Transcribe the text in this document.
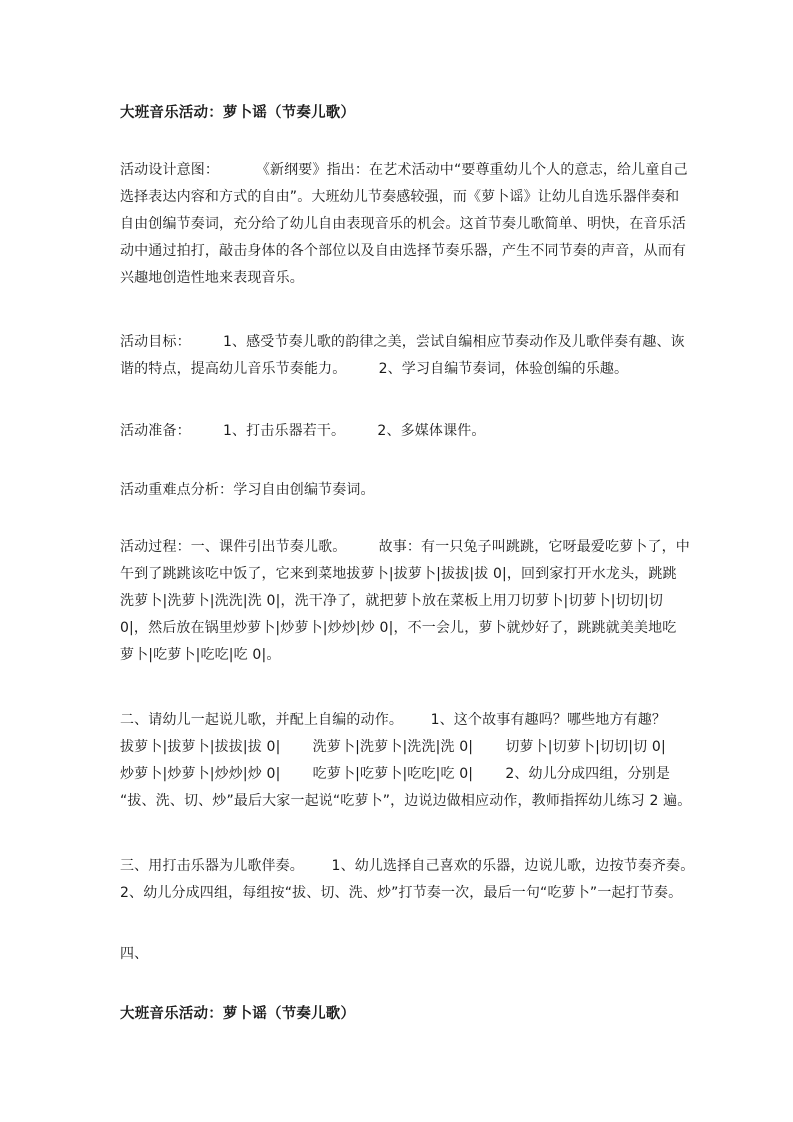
大班音乐活动：萝卜谣（节奏儿歌）
活动设计意图：        《新纲要》指出：在艺术活动中“要尊重幼儿个人的意志，给儿童自己
选择表达内容和方式的自由”。大班幼儿节奏感较强，而《萝卜谣》让幼儿自选乐器伴奏和
自由创编节奏词，充分给了幼儿自由表现音乐的机会。这首节奏儿歌简单、明快，在音乐活
动中通过拍打，敲击身体的各个部位以及自由选择节奏乐器，产生不同节奏的声音，从而有
兴趣地创造性地来表现音乐。
活动目标：       1、感受节奏儿歌的韵律之美，尝试自编相应节奏动作及儿歌伴奏有趣、诙
谐的特点，提高幼儿音乐节奏能力。       2、学习自编节奏词，体验创编的乐趣。
活动准备：       1、打击乐器若干。       2、多媒体课件。
活动重难点分析：学习自由创编节奏词。
活动过程：一、课件引出节奏儿歌。       故事：有一只兔子叫跳跳，它呀最爱吃萝卜了，中
午到了跳跳该吃中饭了，它来到菜地拔萝卜|拔萝卜|拔拔|拔 0|，回到家打开水龙头，跳跳
洗萝卜|洗萝卜|洗洗|洗 0|，洗干净了，就把萝卜放在菜板上用刀切萝卜|切萝卜|切切|切
0|，然后放在锅里炒萝卜|炒萝卜|炒炒|炒 0|，不一会儿，萝卜就炒好了，跳跳就美美地吃
萝卜|吃萝卜|吃吃|吃 0|。
二、请幼儿一起说儿歌，并配上自编的动作。      1、这个故事有趣吗？哪些地方有趣？
拔萝卜|拔萝卜|拔拔|拔 0|       洗萝卜|洗萝卜|洗洗|洗 0|       切萝卜|切萝卜|切切|切 0|
炒萝卜|炒萝卜|炒炒|炒 0|       吃萝卜|吃萝卜|吃吃|吃 0|       2、幼儿分成四组，分别是
“拔、洗、切、炒”最后大家一起说“吃萝卜”，边说边做相应动作，教师指挥幼儿练习 2 遍。
三、用打击乐器为儿歌伴奏。      1、幼儿选择自己喜欢的乐器，边说儿歌，边按节奏齐奏。
2、幼儿分成四组，每组按“拔、切、洗、炒”打节奏一次，最后一句“吃萝卜”一起打节奏。
四、
大班音乐活动：萝卜谣（节奏儿歌）
